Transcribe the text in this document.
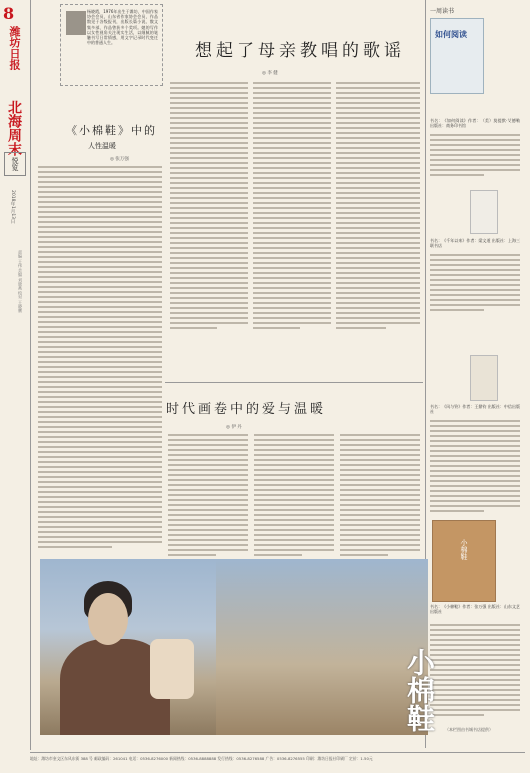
8
潍坊日报
北海周末
悦览
2018年1月13日
责编 王伟 美编 刘晓燕 校对 王晓鹏
杨晓霞，1976年出生于潍坊，中国作家协会会员，山东省作家协会会员，作品散见于各级报刊，出版长篇小说、散文集多部，作品曾获多个奖项。她的写作以女性视角关注现实生活，以细腻的笔触书写日常情感，用文字记录时代变迁中的普通人生。	想起了母亲教唱的歌谣
◎ 李 健
《小棉鞋》中的
人性温暖
◎ 张万强
一周读书
如何阅读
书名：《如何阅读》作者：（美）莫提默·艾德勒 出版社：商务印书馆
书名：《千年以来》作者：梁文道 出版社：上海三联书店
书名：《风与铃》作者：王鼎钧 出版社：中信出版社
小棉鞋
书名：《小棉鞋》作者：张万强 出版社：山东文艺出版社
（本栏图由书城书店提供）
时代画卷中的爱与温暖
◎ 伊 丹
小棉鞋
地址：潍坊市奎文区东风东街 388 号 邮政编码：261041 电话：0536-8276000 新闻热线：0536-8888888 发行热线：0536-8276588 广告：0536-8276555 印刷：潍坊日报社印刷厂 定价：1.50元
